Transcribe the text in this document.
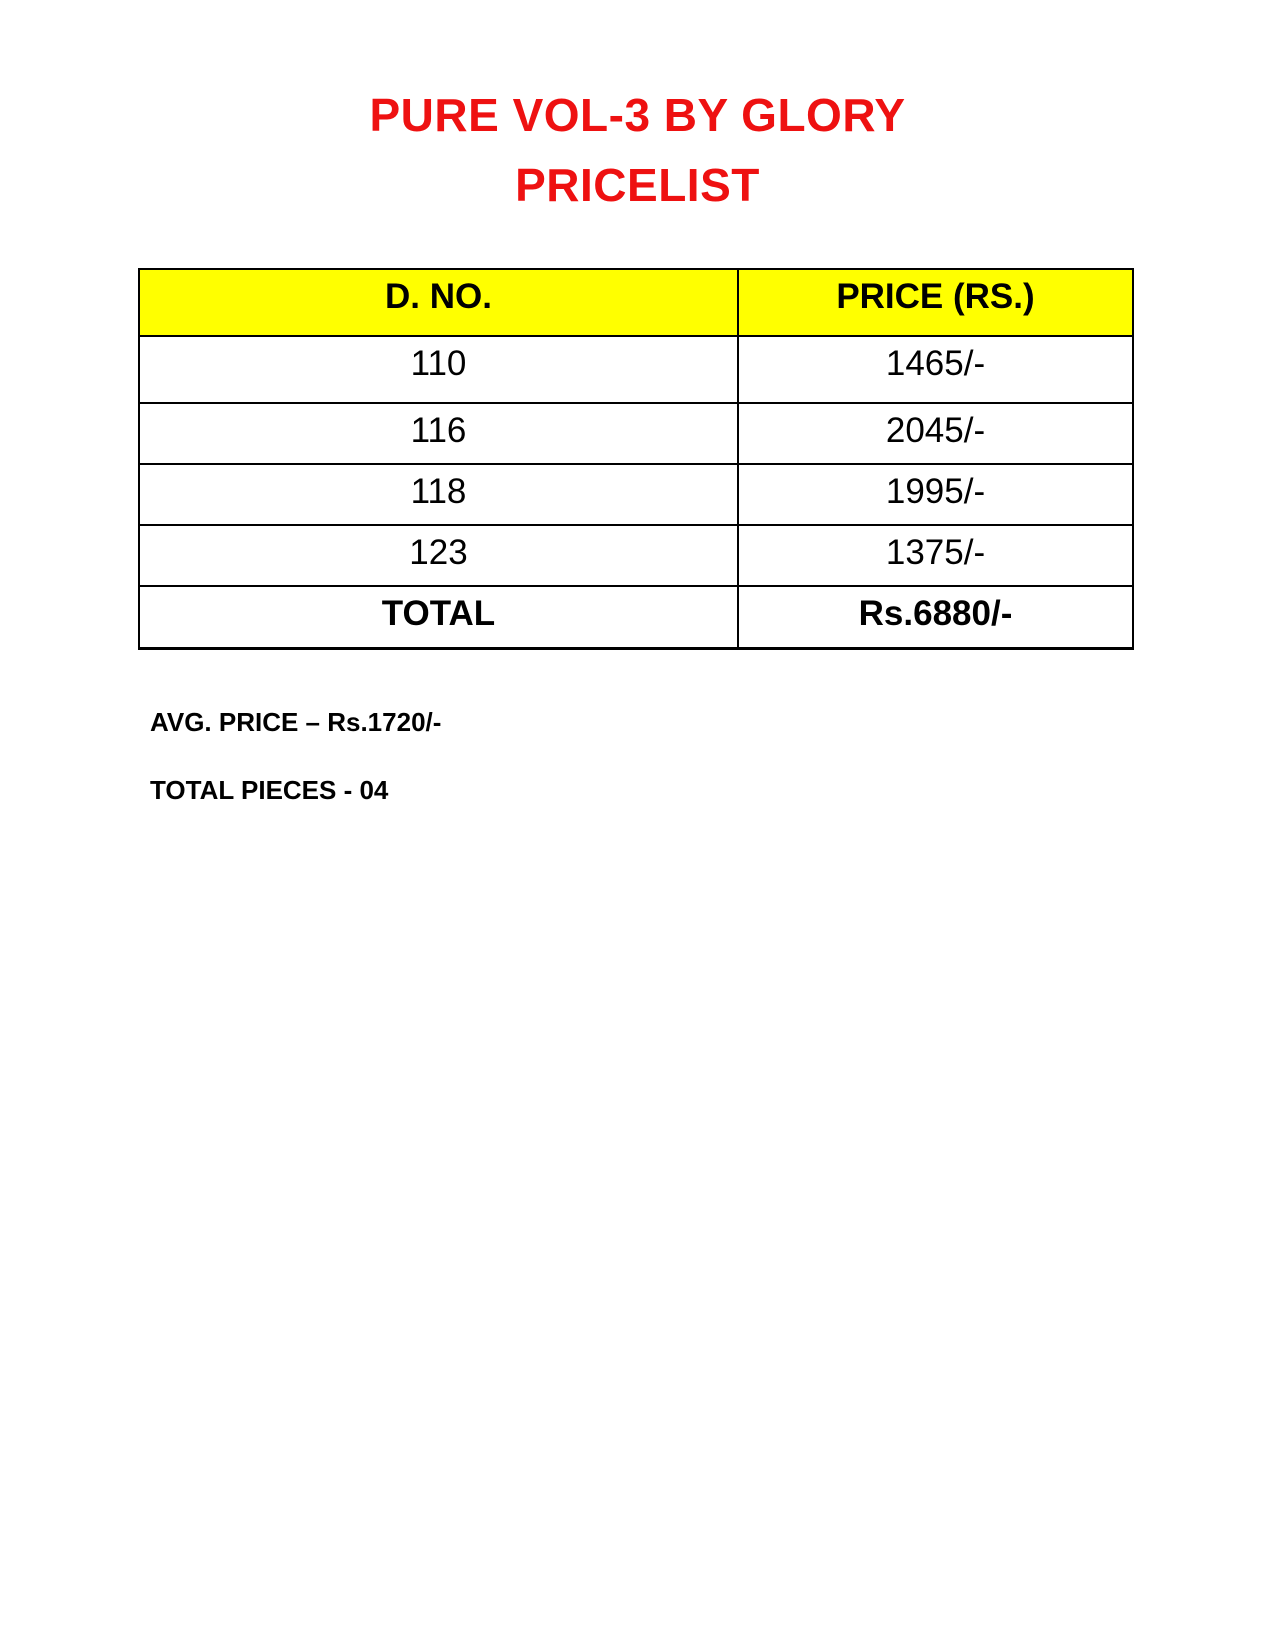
PURE VOL-3 BY GLORY
PRICELIST
D. NO.	PRICE (RS.)
110	1465/-
116	2045/-
118	1995/-
123	1375/-
TOTAL	Rs.6880/-
AVG. PRICE – Rs.1720/-
TOTAL PIECES - 04
